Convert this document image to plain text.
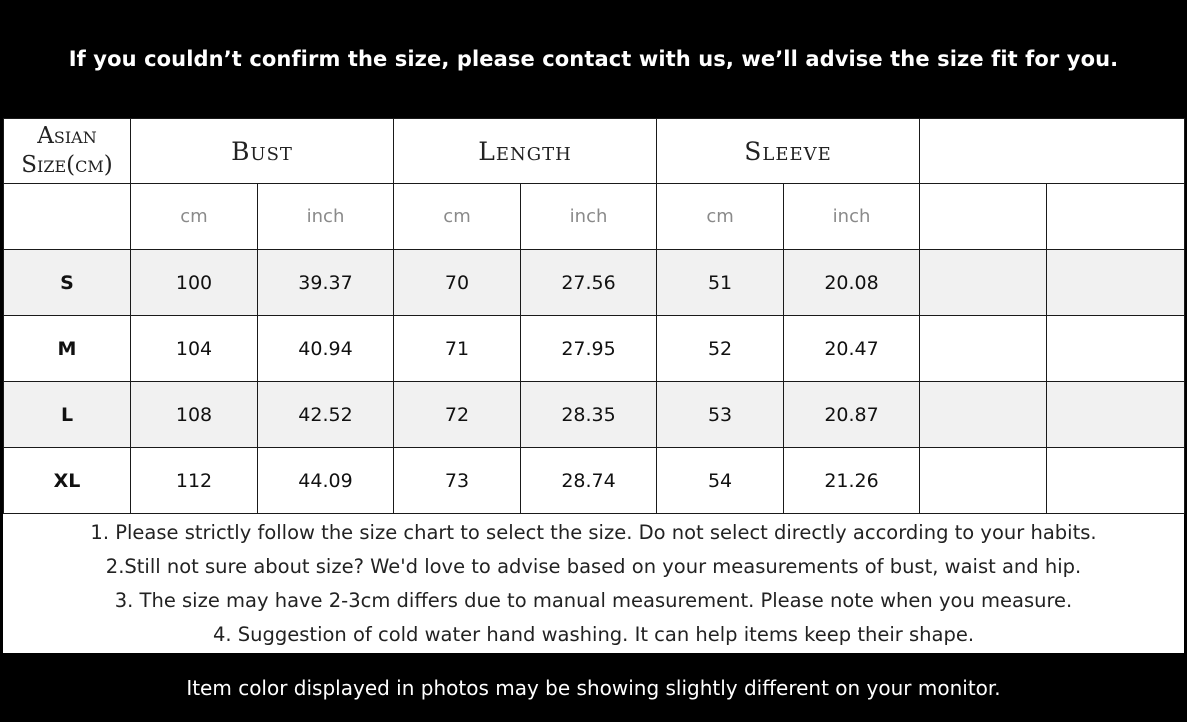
If you couldn’t confirm the size, please contact with us, we’ll advise the size fit for you.
Asian Size(cm)	Bust		Length		Sleeve			
	cm	inch	cm	inch	cm	inch		
S	100	39.37	70	27.56	51	20.08		
M	104	40.94	71	27.95	52	20.47		
L	108	42.52	72	28.35	53	20.87		
XL	112	44.09	73	28.74	54	21.26		
1. Please strictly follow the size chart to select the size. Do not select directly according to your habits.
2.Still not sure about size? We'd love to advise based on your measurements of bust, waist and hip.
3. The size may have 2-3cm differs due to manual measurement. Please note when you measure.
4. Suggestion of cold water hand washing. It can help items keep their shape.
Item color displayed in photos may be showing slightly different on your monitor.
